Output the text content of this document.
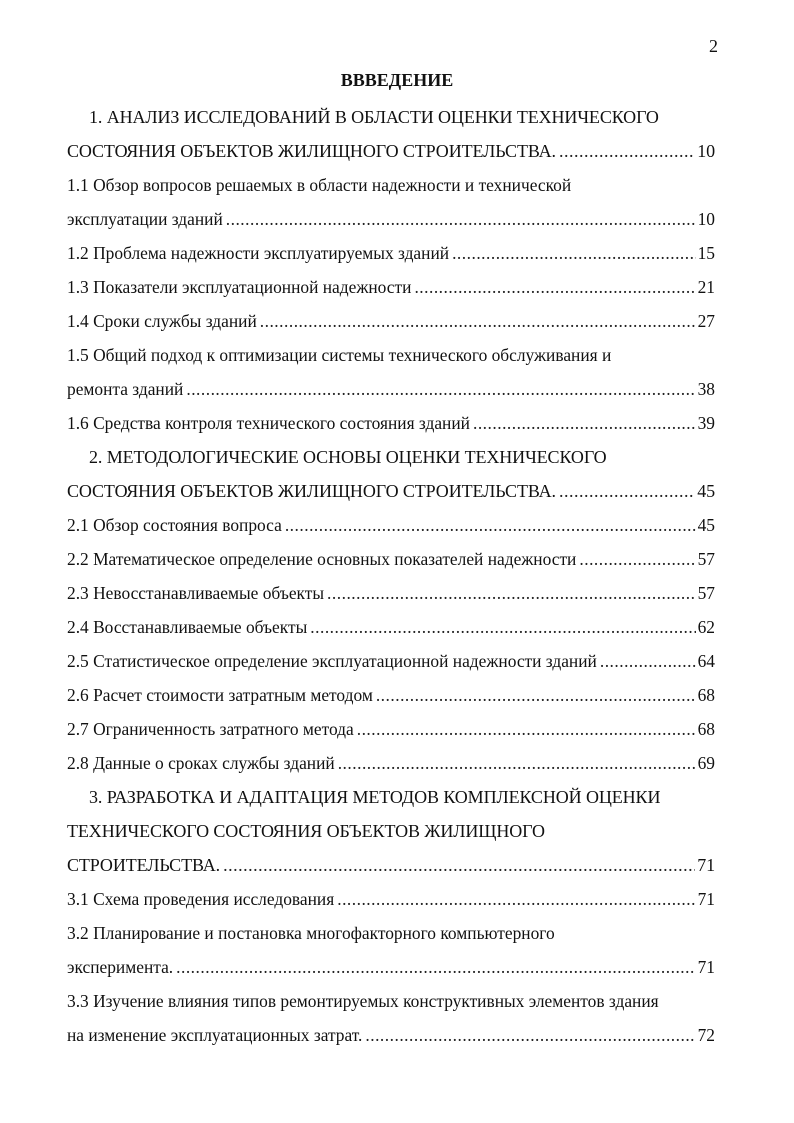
2
ВВВЕДЕНИЕ
1. АНАЛИЗ ИССЛЕДОВАНИЙ В ОБЛАСТИ ОЦЕНКИ ТЕХНИЧЕСКОГО
СОСТОЯНИЯ ОБЪЕКТОВ ЖИЛИЩНОГО СТРОИТЕЛЬСТВА. .....	10
1.1 Обзор вопросов решаемых в области надежности и технической
эксплуатации зданий .....	10
1.2 Проблема надежности эксплуатируемых зданий .....	15
1.3 Показатели эксплуатационной надежности .....	21
1.4 Сроки службы зданий .....	27
1.5 Общий подход к оптимизации системы технического обслуживания и
ремонта зданий .....	38
1.6 Средства контроля технического состояния зданий .....	39
2. МЕТОДОЛОГИЧЕСКИЕ ОСНОВЫ ОЦЕНКИ ТЕХНИЧЕСКОГО
СОСТОЯНИЯ ОБЪЕКТОВ ЖИЛИЩНОГО СТРОИТЕЛЬСТВА. .....	45
2.1 Обзор состояния вопроса .....	45
2.2 Математическое определение основных показателей надежности .....	57
2.3 Невосстанавливаемые объекты .....	57
2.4 Восстанавливаемые объекты .....	62
2.5 Статистическое определение эксплуатационной надежности зданий .....	64
2.6 Расчет стоимости затратным методом .....	68
2.7 Ограниченность затратного метода .....	68
2.8 Данные о сроках службы зданий .....	69
3. РАЗРАБОТКА И АДАПТАЦИЯ МЕТОДОВ КОМПЛЕКСНОЙ ОЦЕНКИ
ТЕХНИЧЕСКОГО СОСТОЯНИЯ ОБЪЕКТОВ ЖИЛИЩНОГО
СТРОИТЕЛЬСТВА. .....	71
3.1 Схема проведения исследования .....	71
3.2 Планирование и постановка многофакторного компьютерного
эксперимента. .....	71
3.3 Изучение влияния типов ремонтируемых конструктивных элементов здания
на изменение эксплуатационных затрат. .....	72
